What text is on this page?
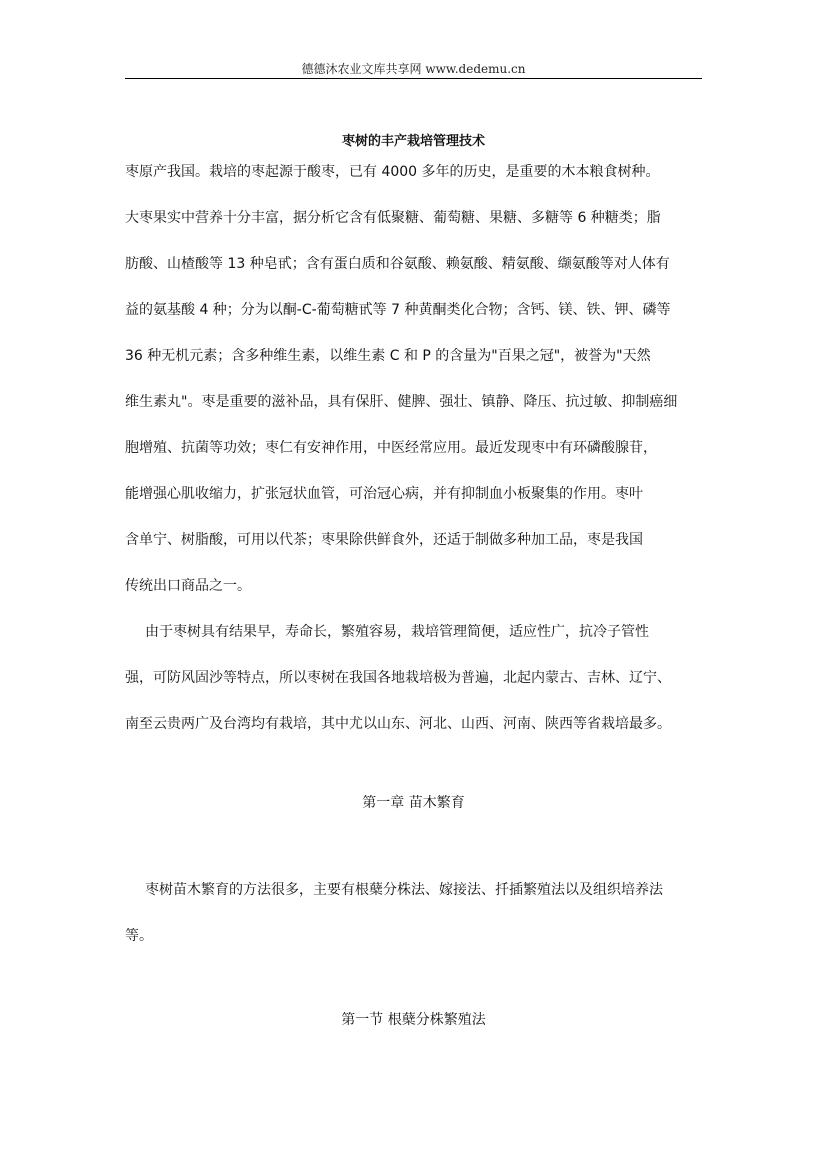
德德沐农业文库共享网 www.dedemu.cn
枣树的丰产栽培管理技术
枣原产我国。栽培的枣起源于酸枣，已有 4000 多年的历史，是重要的木本粮食树种。
大枣果实中营养十分丰富，据分析它含有低聚糖、葡萄糖、果糖、多糖等 6 种糖类；脂
肪酸、山楂酸等 13 种皂甙；含有蛋白质和谷氨酸、赖氨酸、精氨酸、缬氨酸等对人体有
益的氨基酸 4 种；分为以酮-C-葡萄糖甙等 7 种黄酮类化合物；含钙、镁、铁、钾、磷等
36 种无机元素；含多种维生素，以维生素 C 和 P 的含量为"百果之冠"，被誉为"天然
维生素丸"。枣是重要的滋补品，具有保肝、健脾、强壮、镇静、降压、抗过敏、抑制癌细
胞增殖、抗菌等功效；枣仁有安神作用，中医经常应用。最近发现枣中有环磷酸腺苷，
能增强心肌收缩力，扩张冠状血管，可治冠心病，并有抑制血小板聚集的作用。枣叶
含单宁、树脂酸，可用以代茶；枣果除供鲜食外，还适于制做多种加工品，枣是我国
传统出口商品之一。
由于枣树具有结果早，寿命长，繁殖容易，栽培管理简便，适应性广，抗冷子管性
强，可防风固沙等特点，所以枣树在我国各地栽培极为普遍，北起内蒙古、吉林、辽宁、
南至云贵两广及台湾均有栽培，其中尤以山东、河北、山西、河南、陕西等省栽培最多。
第一章 苗木繁育
枣树苗木繁育的方法很多，主要有根蘖分株法、嫁接法、扦插繁殖法以及组织培养法
等。
第一节 根蘖分株繁殖法
